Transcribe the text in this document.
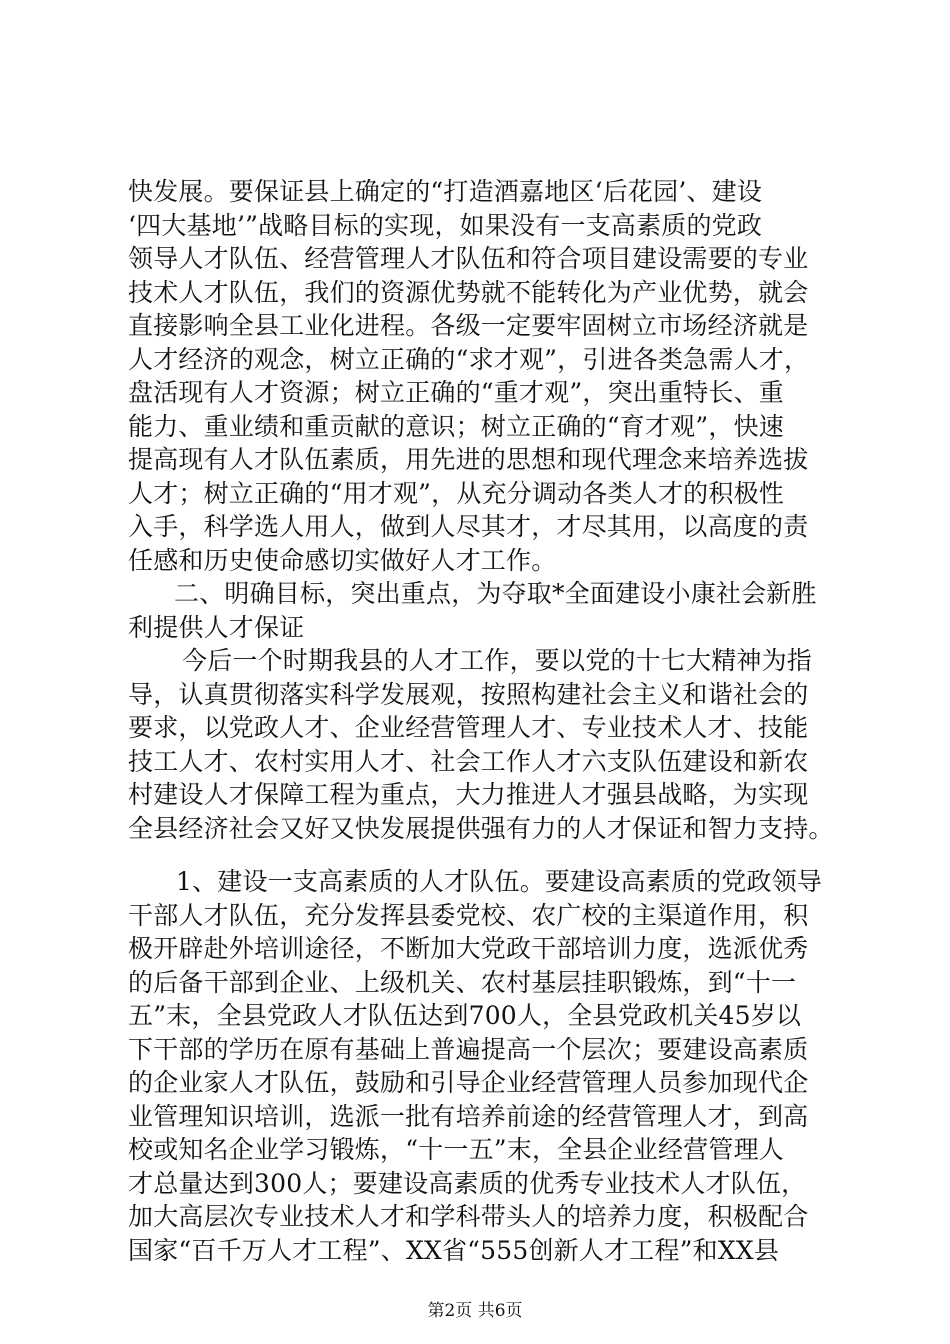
快发展。要保证县上确定的“打造酒嘉地区‘后花园’、建设
‘四大基地’”战略目标的实现，如果没有一支高素质的党政
领导人才队伍、经营管理人才队伍和符合项目建设需要的专业
技术人才队伍，我们的资源优势就不能转化为产业优势，就会
直接影响全县工业化进程。各级一定要牢固树立市场经济就是
人才经济的观念，树立正确的“求才观”，引进各类急需人才，
盘活现有人才资源；树立正确的“重才观”，突出重特长、重
能力、重业绩和重贡献的意识；树立正确的“育才观”，快速
提高现有人才队伍素质，用先进的思想和现代理念来培养选拔
人才；树立正确的“用才观”，从充分调动各类人才的积极性
入手，科学选人用人，做到人尽其才，才尽其用，以高度的责
任感和历史使命感切实做好人才工作。
二、明确目标，突出重点，为夺取*全面建设小康社会新胜
利提供人才保证
今后一个时期我县的人才工作，要以党的十七大精神为指
导，认真贯彻落实科学发展观，按照构建社会主义和谐社会的
要求，以党政人才、企业经营管理人才、专业技术人才、技能
技工人才、农村实用人才、社会工作人才六支队伍建设和新农
村建设人才保障工程为重点，大力推进人才强县战略，为实现
全县经济社会又好又快发展提供强有力的人才保证和智力支持。
1、建设一支高素质的人才队伍。要建设高素质的党政领导
干部人才队伍，充分发挥县委党校、农广校的主渠道作用，积
极开辟赴外培训途径，不断加大党政干部培训力度，选派优秀
的后备干部到企业、上级机关、农村基层挂职锻炼，到“十一
五”末，全县党政人才队伍达到700人，全县党政机关45岁以
下干部的学历在原有基础上普遍提高一个层次；要建设高素质
的企业家人才队伍，鼓励和引导企业经营管理人员参加现代企
业管理知识培训，选派一批有培养前途的经营管理人才，到高
校或知名企业学习锻炼，“十一五”末，全县企业经营管理人
才总量达到300人；要建设高素质的优秀专业技术人才队伍，
加大高层次专业技术人才和学科带头人的培养力度，积极配合
国家“百千万人才工程”、XX省“555创新人才工程”和XX县
第2页 共6页
